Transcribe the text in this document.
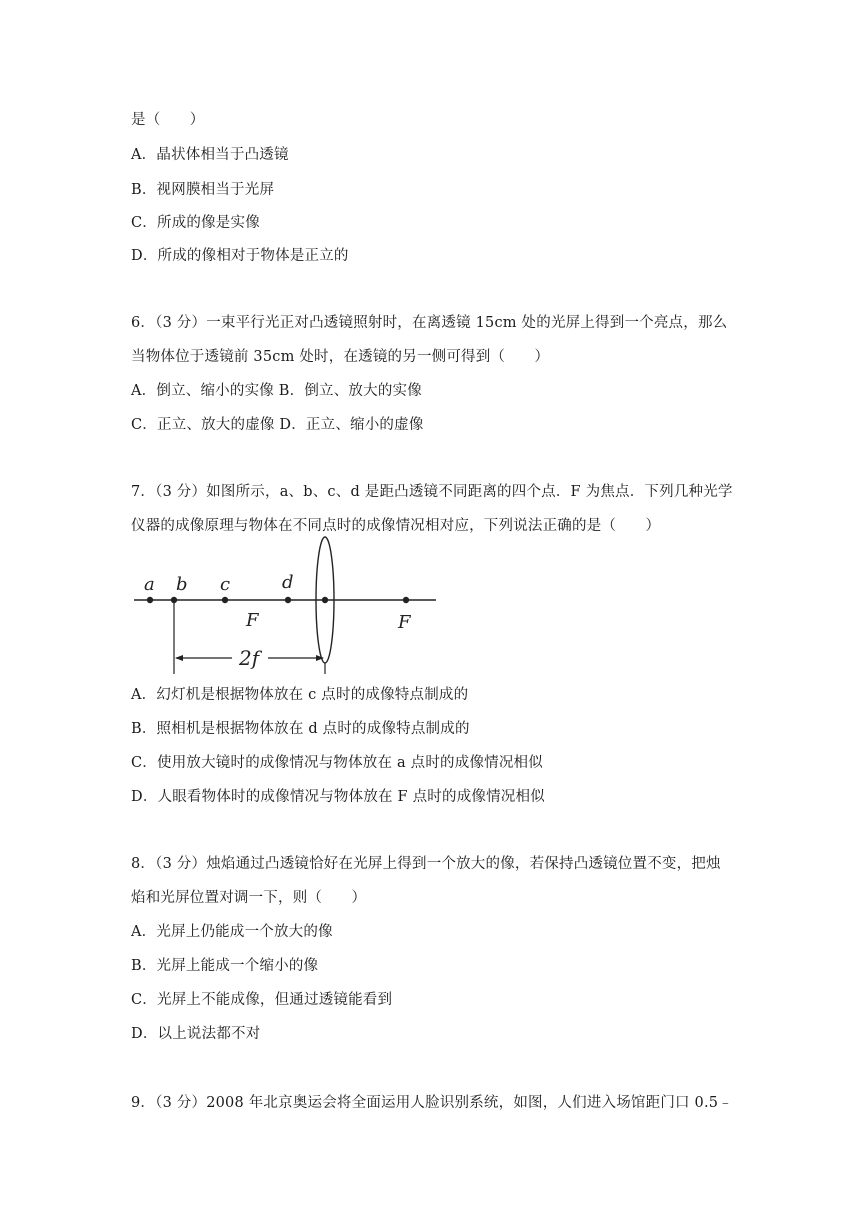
是（　　）
A．晶状体相当于凸透镜
B．视网膜相当于光屏
C．所成的像是实像
D．所成的像相对于物体是正立的
6．（3 分）一束平行光正对凸透镜照射时，在离透镜 15cm 处的光屏上得到一个亮点，那么
当物体位于透镜前 35cm 处时，在透镜的另一侧可得到（　　）
A．倒立、缩小的实像 B．倒立、放大的实像
C．正立、放大的虚像 D．正立、缩小的虚像
7．（3 分）如图所示，a、b、c、d 是距凸透镜不同距离的四个点．F 为焦点．下列几种光学
仪器的成像原理与物体在不同点时的成像情况相对应，下列说法正确的是（　　）
a b c	d
F	F
2f
A．幻灯机是根据物体放在 c 点时的成像特点制成的
B．照相机是根据物体放在 d 点时的成像特点制成的
C．使用放大镜时的成像情况与物体放在 a 点时的成像情况相似
D．人眼看物体时的成像情况与物体放在 F 点时的成像情况相似
8．（3 分）烛焰通过凸透镜恰好在光屏上得到一个放大的像，若保持凸透镜位置不变，把烛
焰和光屏位置对调一下，则（　　）
A．光屏上仍能成一个放大的像
B．光屏上能成一个缩小的像
C．光屏上不能成像，但通过透镜能看到
D．以上说法都不对
9．（3 分）2008 年北京奥运会将全面运用人脸识别系统，如图，人们进入场馆距门口 0.5﹣
